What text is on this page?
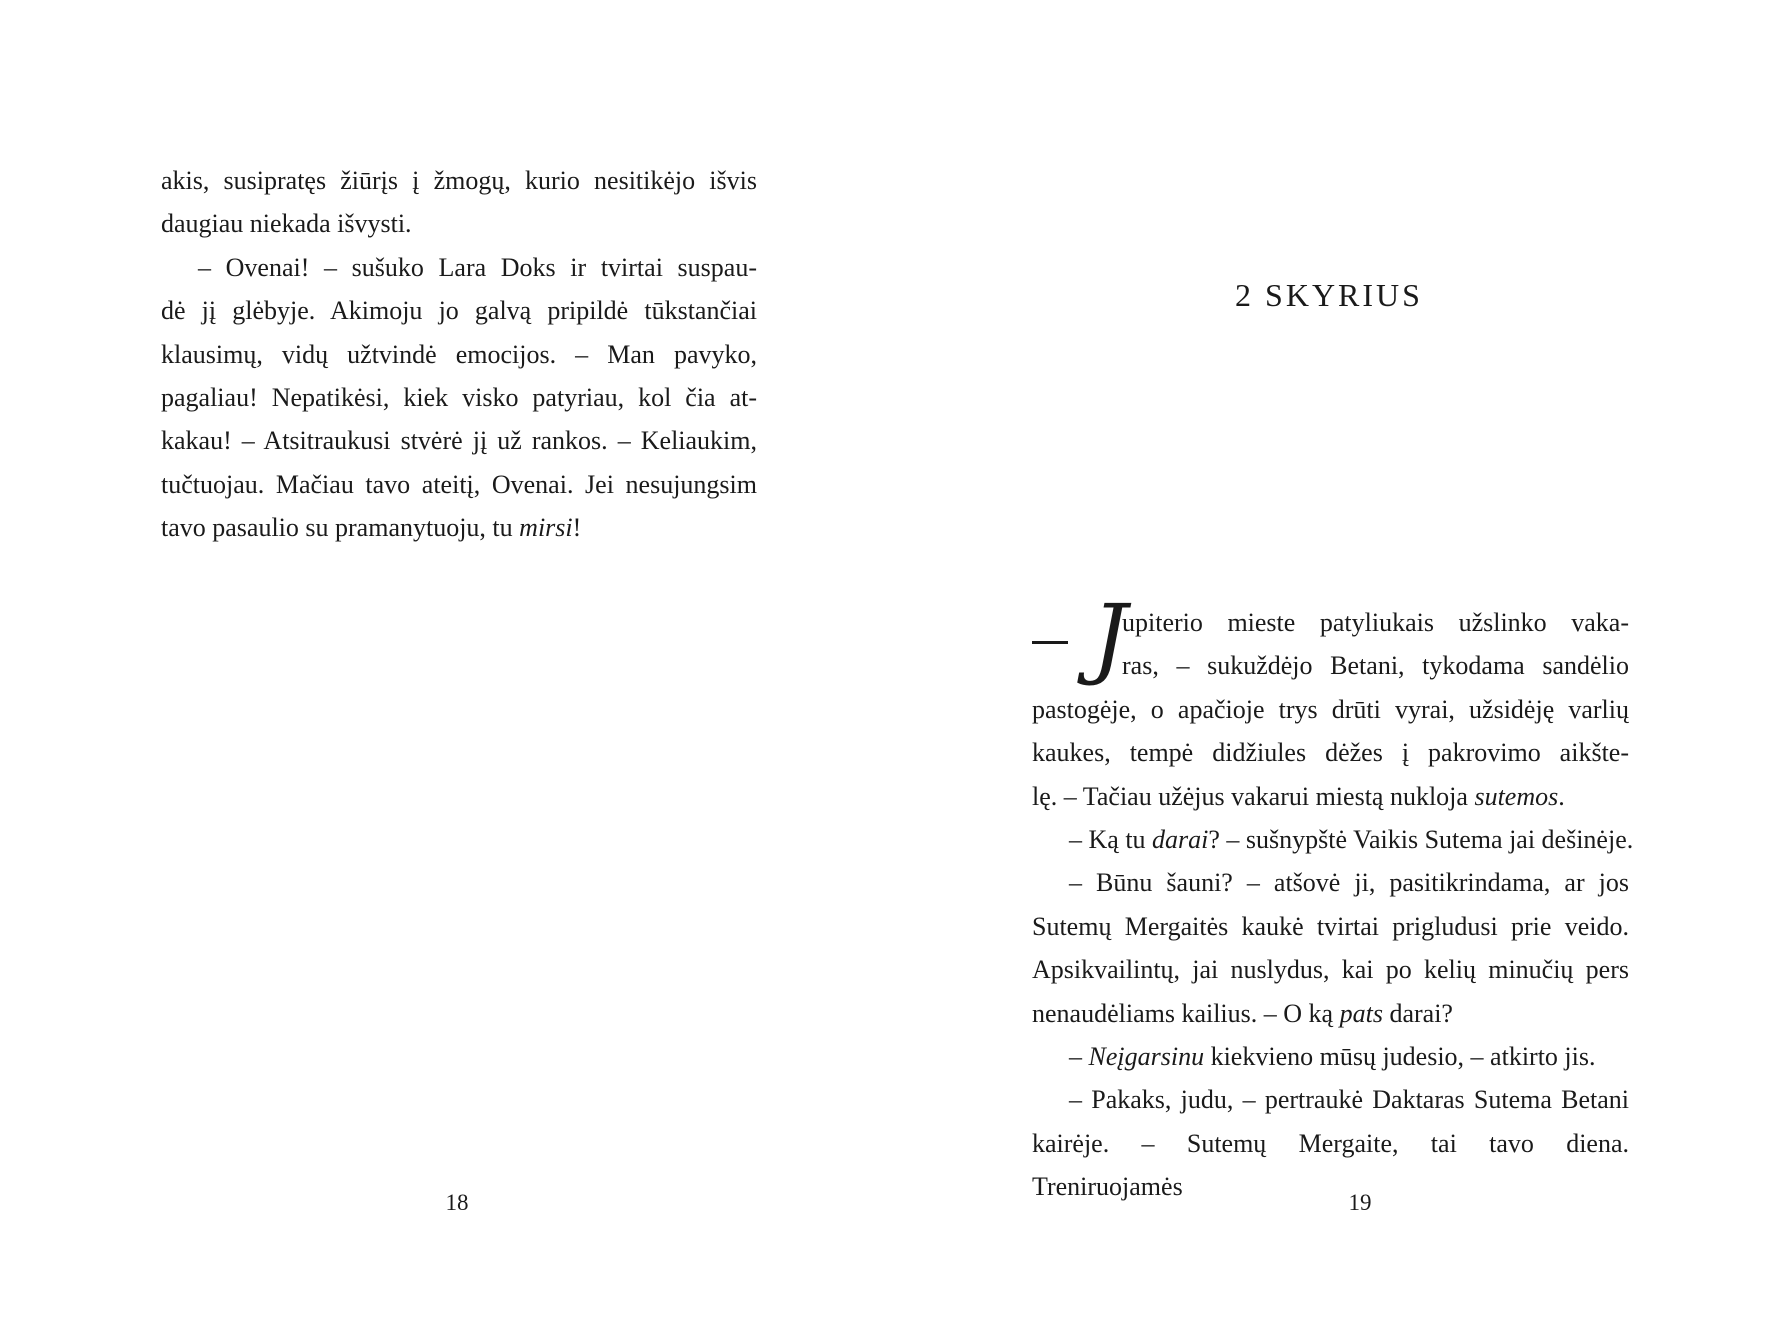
akis, susipratęs žiūrįs į žmogų, kurio nesitikėjo išvis
daugiau niekada išvysti.
– Ovenai! – sušuko Lara Doks ir tvirtai suspau-
dė jį glėbyje. Akimoju jo galvą pripildė tūkstančiai
klausimų, vidų užtvindė emocijos. – Man pavyko,
pagaliau! Nepatikėsi, kiek visko patyriau, kol čia at-
kakau! – Atsitraukusi stvėrė jį už rankos. – Keliaukim,
tučtuojau. Mačiau tavo ateitį, Ovenai. Jei nesujungsim
tavo pasaulio su pramanytuoju, tu mirsi!
18
2 SKYRIUS
J
upiterio mieste patyliukais užslinko vaka-
ras, – sukuždėjo Betani, tykodama sandėlio
pastogėje, o apačioje trys drūti vyrai, užsidėję varlių
kaukes, tempė didžiules dėžes į pakrovimo aikšte-
lę. – Tačiau užėjus vakarui miestą nukloja sutemos.
– Ką tu darai? – sušnypštė Vaikis Sutema jai dešinėje.
– Būnu šauni? – atšovė ji, pasitikrindama, ar jos
Sutemų Mergaitės kaukė tvirtai prigludusi prie veido.
Apsikvailintų, jai nuslydus, kai po kelių minučių pers
nenaudėliams kailius. – O ką pats darai?
– Neįgarsinu kiekvieno mūsų judesio, – atkirto jis.
– Pakaks, judu, – pertraukė Daktaras Sutema Betani
kairėje. – Sutemų Mergaite, tai tavo diena. Treniruojamės
19
